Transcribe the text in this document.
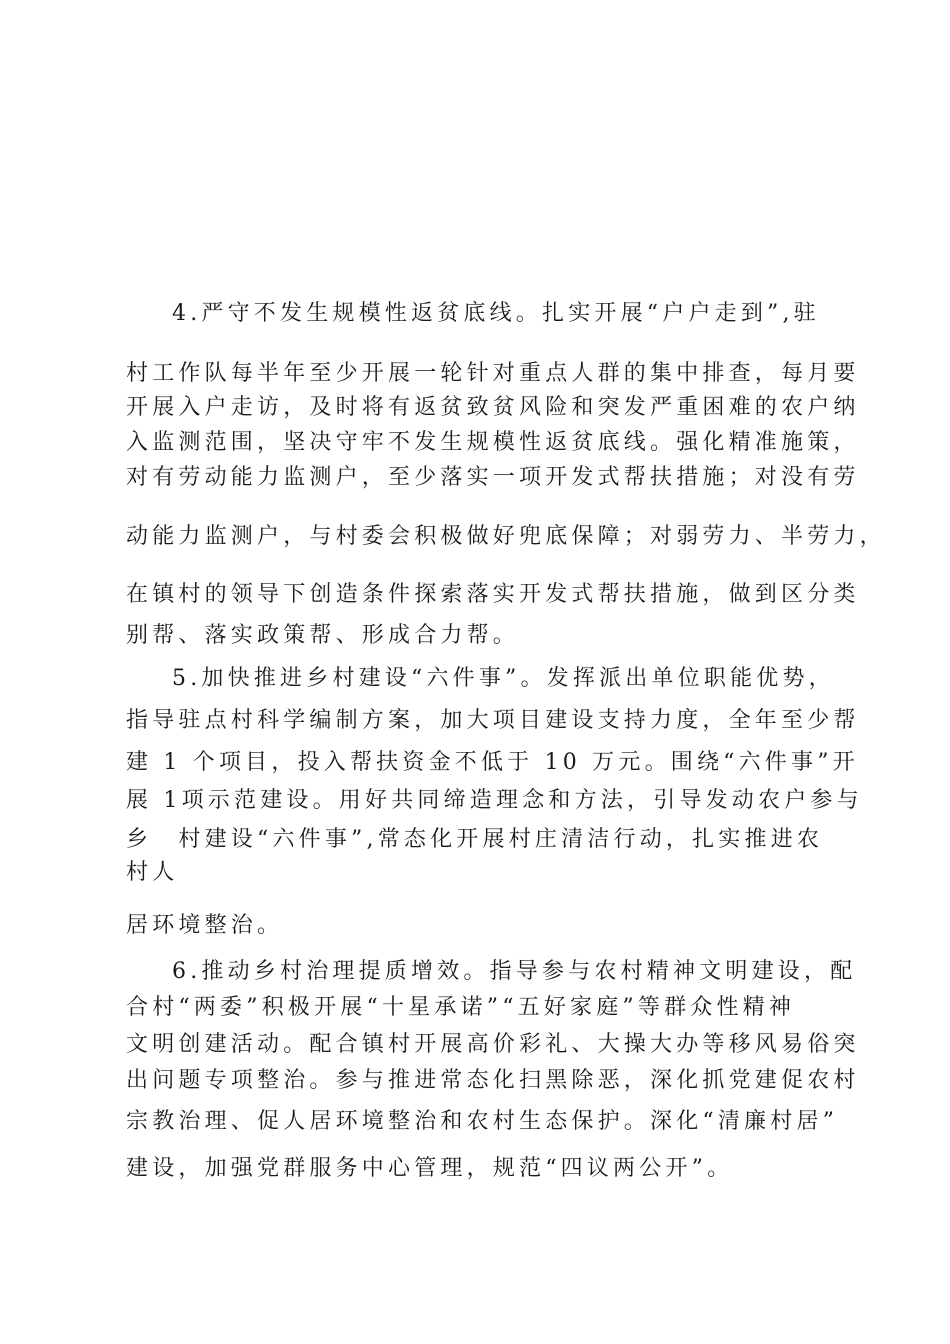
4.严守不发生规模性返贫底线。扎实开展“户户走到”,驻
村工作队每半年至少开展一轮针对重点人群的集中排查，每月要
开展入户走访，及时将有返贫致贫风险和突发严重困难的农户纳
入监测范围，坚决守牢不发生规模性返贫底线。强化精准施策，
对有劳动能力监测户，至少落实一项开发式帮扶措施；对没有劳
动能力监测户，与村委会积极做好兜底保障；对弱劳力、半劳力，
在镇村的领导下创造条件探索落实开发式帮扶措施，做到区分类
别帮、落实政策帮、形成合力帮。
5.加快推进乡村建设“六件事”。发挥派出单位职能优势，
指导驻点村科学编制方案，加大项目建设支持力度，全年至少帮
建 1 个项目，投入帮扶资金不低于 10 万元。围绕“六件事”开
展 1项示范建设。用好共同缔造理念和方法，引导发动农户参与
乡　村建设“六件事”,常态化开展村庄清洁行动，扎实推进农
村人
居环境整治。
6.推动乡村治理提质增效。指导参与农村精神文明建设，配
合村“两委”积极开展“十星承诺”“五好家庭”等群众性精神
文明创建活动。配合镇村开展高价彩礼、大操大办等移风易俗突
出问题专项整治。参与推进常态化扫黑除恶，深化抓党建促农村
宗教治理、促人居环境整治和农村生态保护。深化“清廉村居”
建设，加强党群服务中心管理，规范“四议两公开”。
